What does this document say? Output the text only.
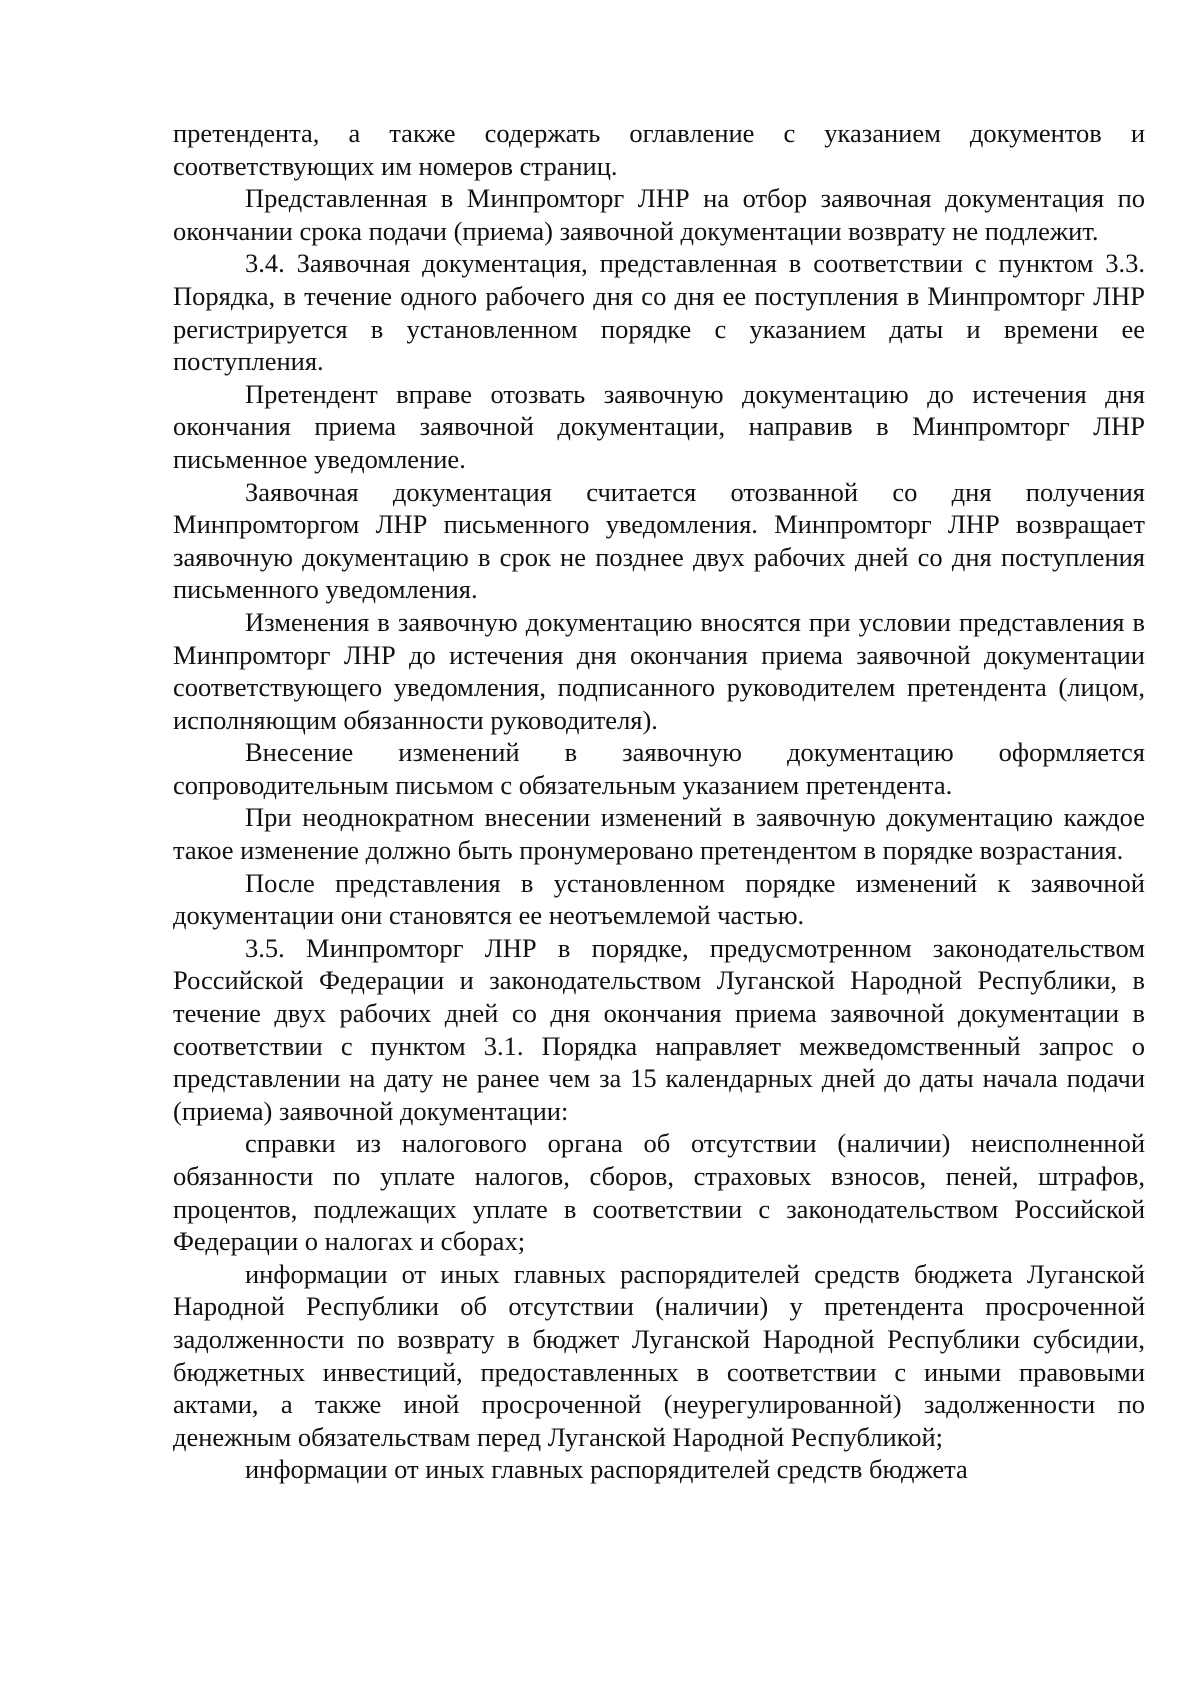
претендента, а также содержать оглавление с указанием документов и соответствующих им номеров страниц.

Представленная в Минпромторг ЛНР на отбор заявочная документация по окончании срока подачи (приема) заявочной документации возврату не подлежит.

3.4. Заявочная документация, представленная в соответствии с пунктом 3.3. Порядка, в течение одного рабочего дня со дня ее поступления в Минпромторг ЛНР регистрируется в установленном порядке с указанием даты и времени ее поступления.

Претендент вправе отозвать заявочную документацию до истечения дня окончания приема заявочной документации, направив в Минпромторг ЛНР письменное уведомление.

Заявочная документация считается отозванной со дня получения Минпромторгом ЛНР письменного уведомления. Минпромторг ЛНР возвращает заявочную документацию в срок не позднее двух рабочих дней со дня поступления письменного уведомления.

Изменения в заявочную документацию вносятся при условии представления в Минпромторг ЛНР до истечения дня окончания приема заявочной документации соответствующего уведомления, подписанного руководителем претендента (лицом, исполняющим обязанности руководителя).

Внесение изменений в заявочную документацию оформляется сопроводительным письмом с обязательным указанием претендента.

При неоднократном внесении изменений в заявочную документацию каждое такое изменение должно быть пронумеровано претендентом в порядке возрастания.

После представления в установленном порядке изменений к заявочной документации они становятся ее неотъемлемой частью.

3.5. Минпромторг ЛНР в порядке, предусмотренном законодательством Российской Федерации и законодательством Луганской Народной Республики, в течение двух рабочих дней со дня окончания приема заявочной документации в соответствии с пунктом 3.1. Порядка направляет межведомственный запрос о представлении на дату не ранее чем за 15 календарных дней до даты начала подачи (приема) заявочной документации:

справки из налогового органа об отсутствии (наличии) неисполненной обязанности по уплате налогов, сборов, страховых взносов, пеней, штрафов, процентов, подлежащих уплате в соответствии с законодательством Российской Федерации о налогах и сборах;

информации от иных главных распорядителей средств бюджета Луганской Народной Республики об отсутствии (наличии) у претендента просроченной задолженности по возврату в бюджет Луганской Народной Республики субсидии, бюджетных инвестиций, предоставленных в соответствии с иными правовыми актами, а также иной просроченной (неурегулированной) задолженности по денежным обязательствам перед Луганской Народной Республикой;

информации от иных главных распорядителей средств бюджета
